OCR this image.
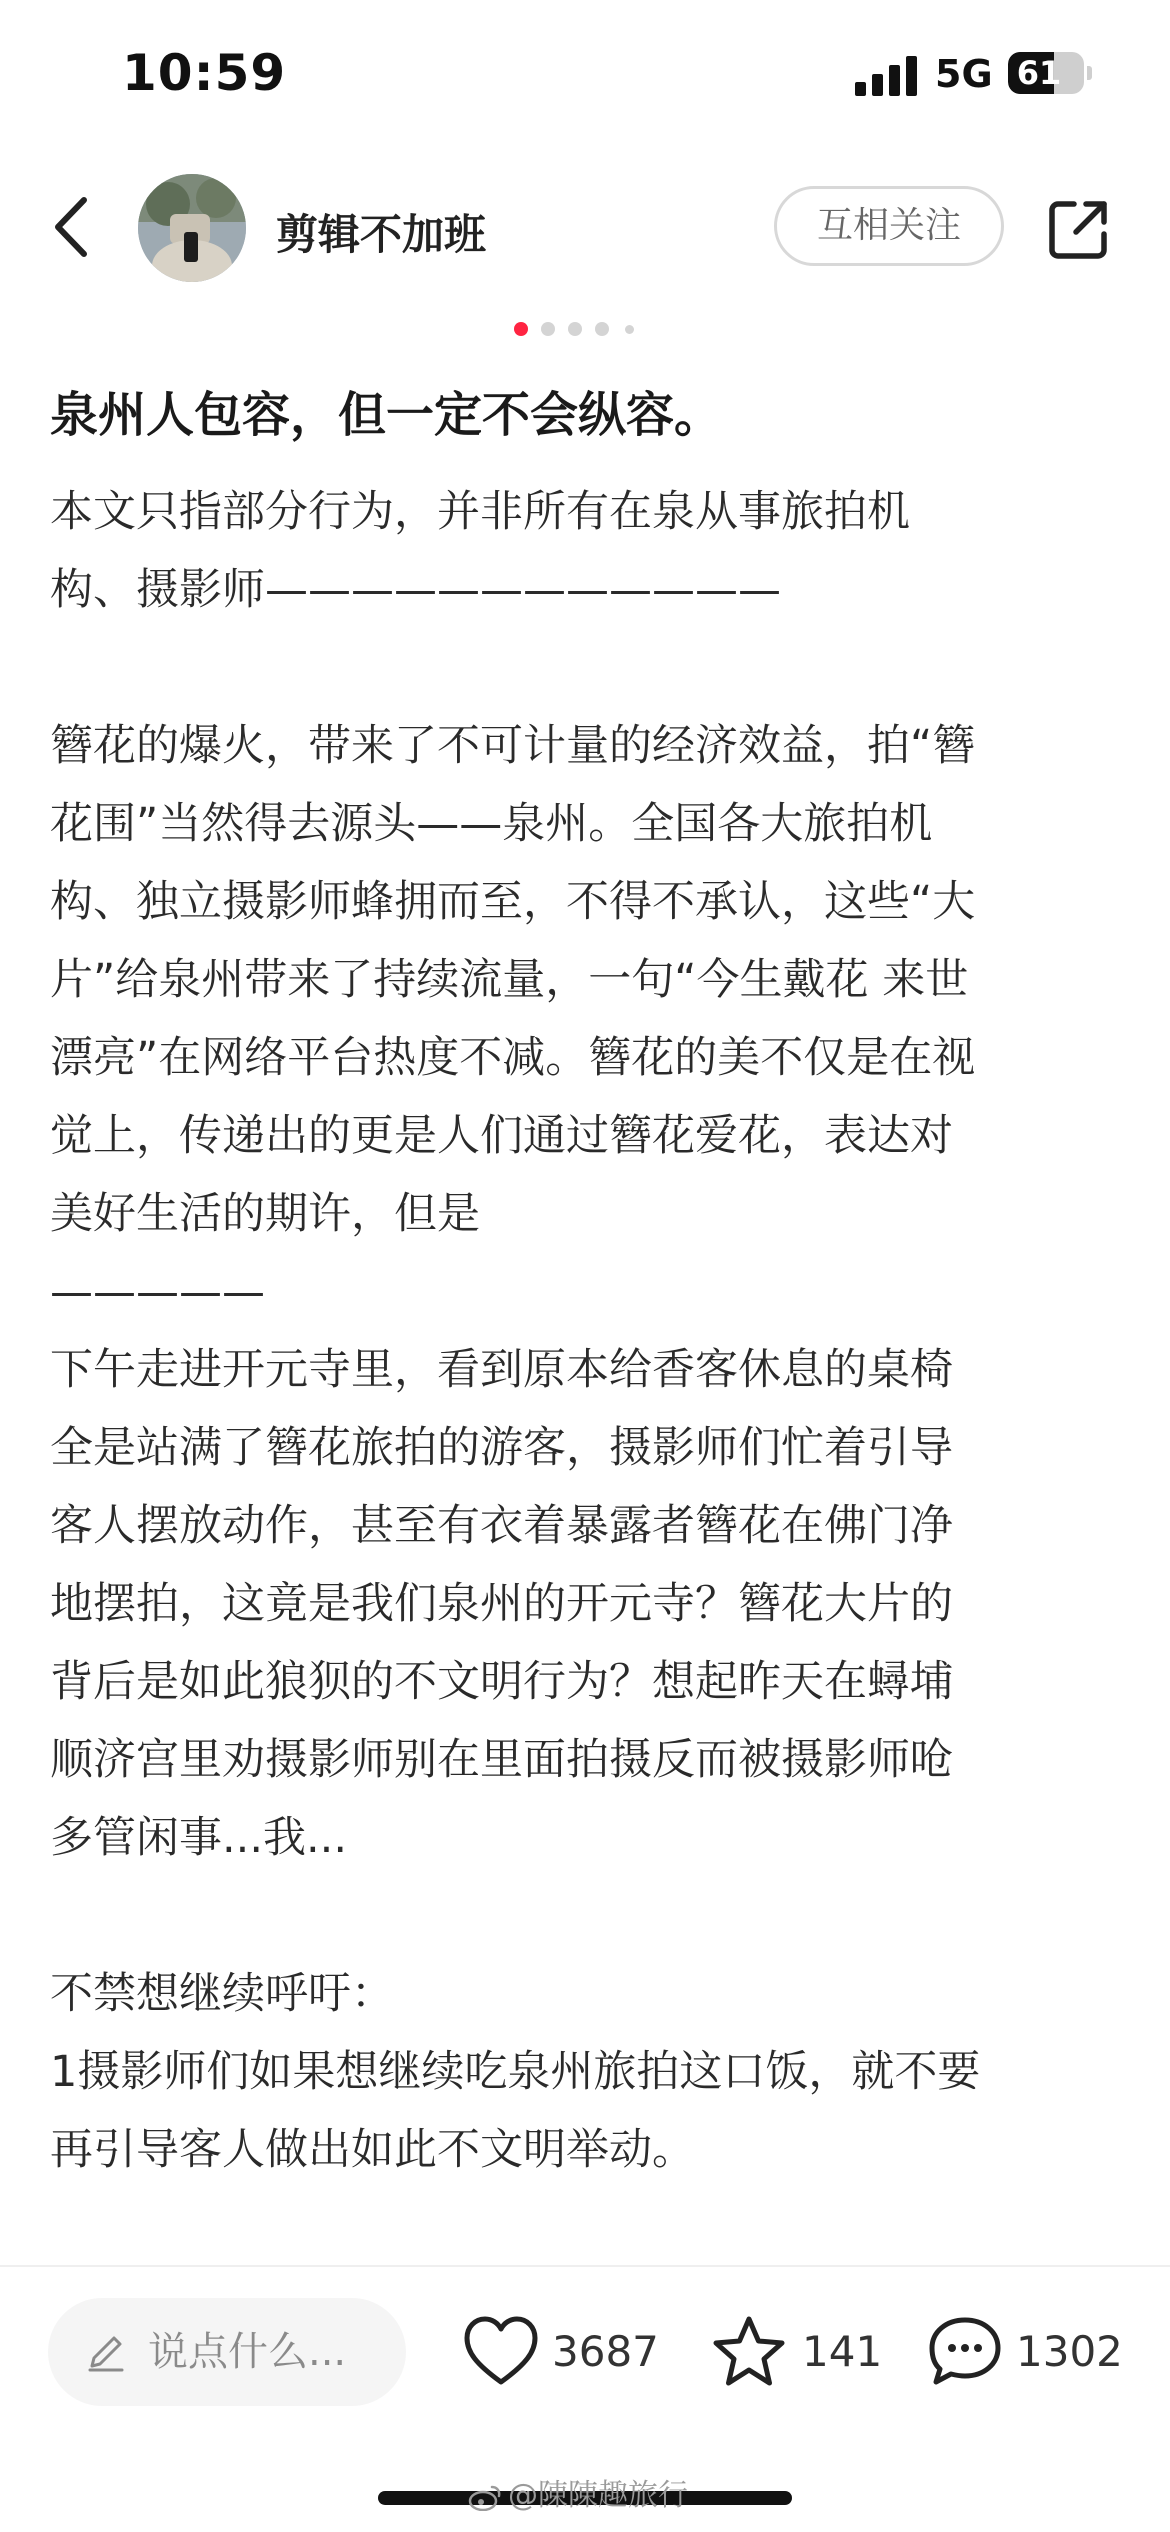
10:59	5G 61
剪辑不加班	互相关注
泉州人包容，但一定不会纵容。
本文只指部分行为，并非所有在泉从事旅拍机
构、摄影师————————————
簪花的爆火，带来了不可计量的经济效益，拍“簪
花围”当然得去源头——泉州。全国各大旅拍机
构、独立摄影师蜂拥而至，不得不承认，这些“大
片”给泉州带来了持续流量，一句“今生戴花 来世
漂亮”在网络平台热度不减。簪花的美不仅是在视
觉上，传递出的更是人们通过簪花爱花，表达对
美好生活的期许，但是
—————
下午走进开元寺里，看到原本给香客休息的桌椅
全是站满了簪花旅拍的游客，摄影师们忙着引导
客人摆放动作，甚至有衣着暴露者簪花在佛门净
地摆拍，这竟是我们泉州的开元寺？簪花大片的
背后是如此狼狈的不文明行为？想起昨天在蟳埔
顺济宫里劝摄影师别在里面拍摄反而被摄影师呛
多管闲事...我...
不禁想继续呼吁：
1摄影师们如果想继续吃泉州旅拍这口饭，就不要
再引导客人做出如此不文明举动。
说点什么...	3687	141	1302
@陳陳趣旅行
